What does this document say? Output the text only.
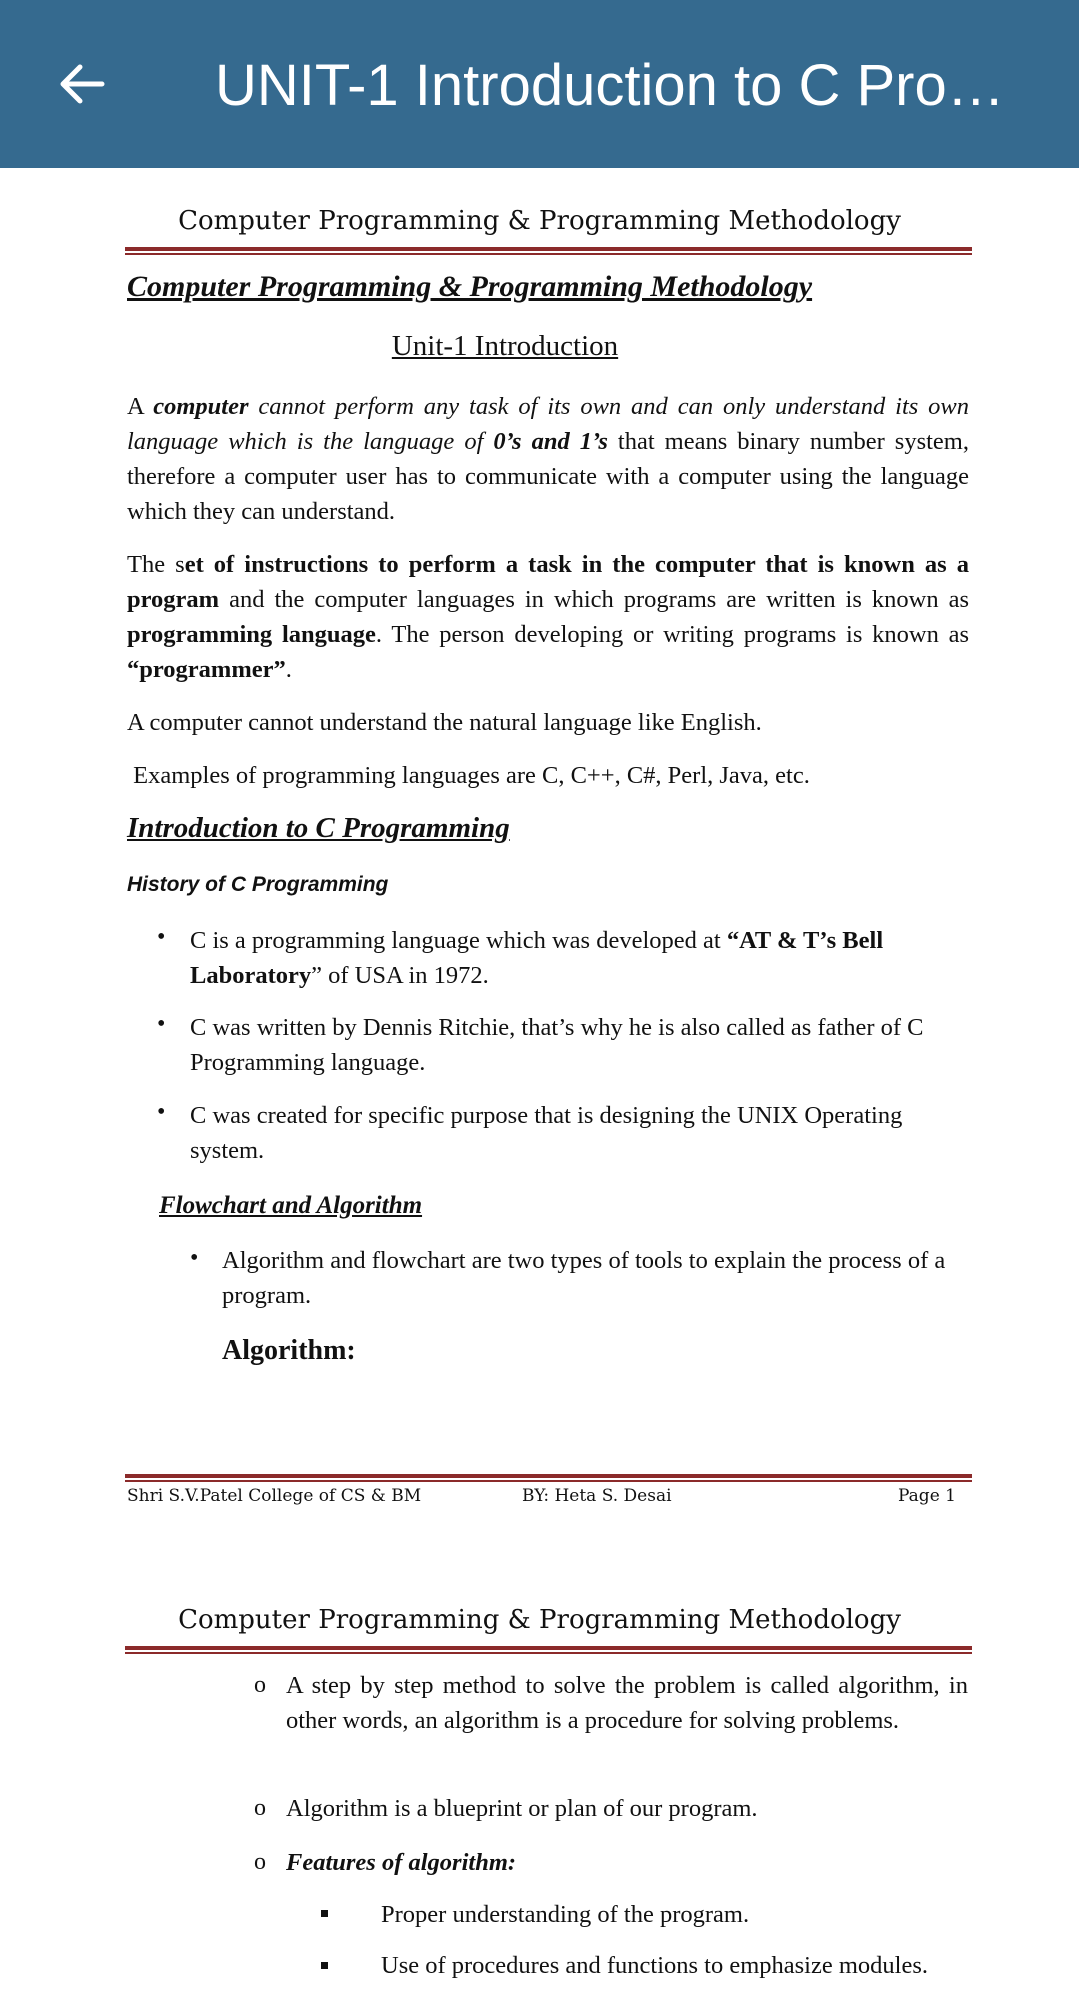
UNIT-1 Introduction to C Pro…
Computer Programming & Programming Methodology
Computer Programming & Programming Methodology
Unit-1 Introduction
A computer cannot perform any task of its own and can only understand its own language which is the language of 0’s and 1’s that means binary number system, therefore a computer user has to communicate with a computer using the language which they can understand.
The set of instructions to perform a task in the computer that is known as a program and the computer languages in which programs are written is known as programming language. The person developing or writing programs is known as “programmer”.
A computer cannot understand the natural language like English.
Examples of programming languages are C, C++, C#, Perl, Java, etc.
Introduction to C Programming
History of C Programming
• C is a programming language which was developed at “AT & T’s Bell Laboratory” of USA in 1972.
• C was written by Dennis Ritchie, that’s why he is also called as father of C Programming language.
• C was created for specific purpose that is designing the UNIX Operating system.
Flowchart and Algorithm
• Algorithm and flowchart are two types of tools to explain the process of a program.
Algorithm:
Shri S.V.Patel College of CS & BM	BY: Heta S. Desai	Page 1
Computer Programming & Programming Methodology
o A step by step method to solve the problem is called algorithm, in other words, an algorithm is a procedure for solving problems.
o Algorithm is a blueprint or plan of our program.
o Features of algorithm:
Proper understanding of the program.
Use of procedures and functions to emphasize modules.
